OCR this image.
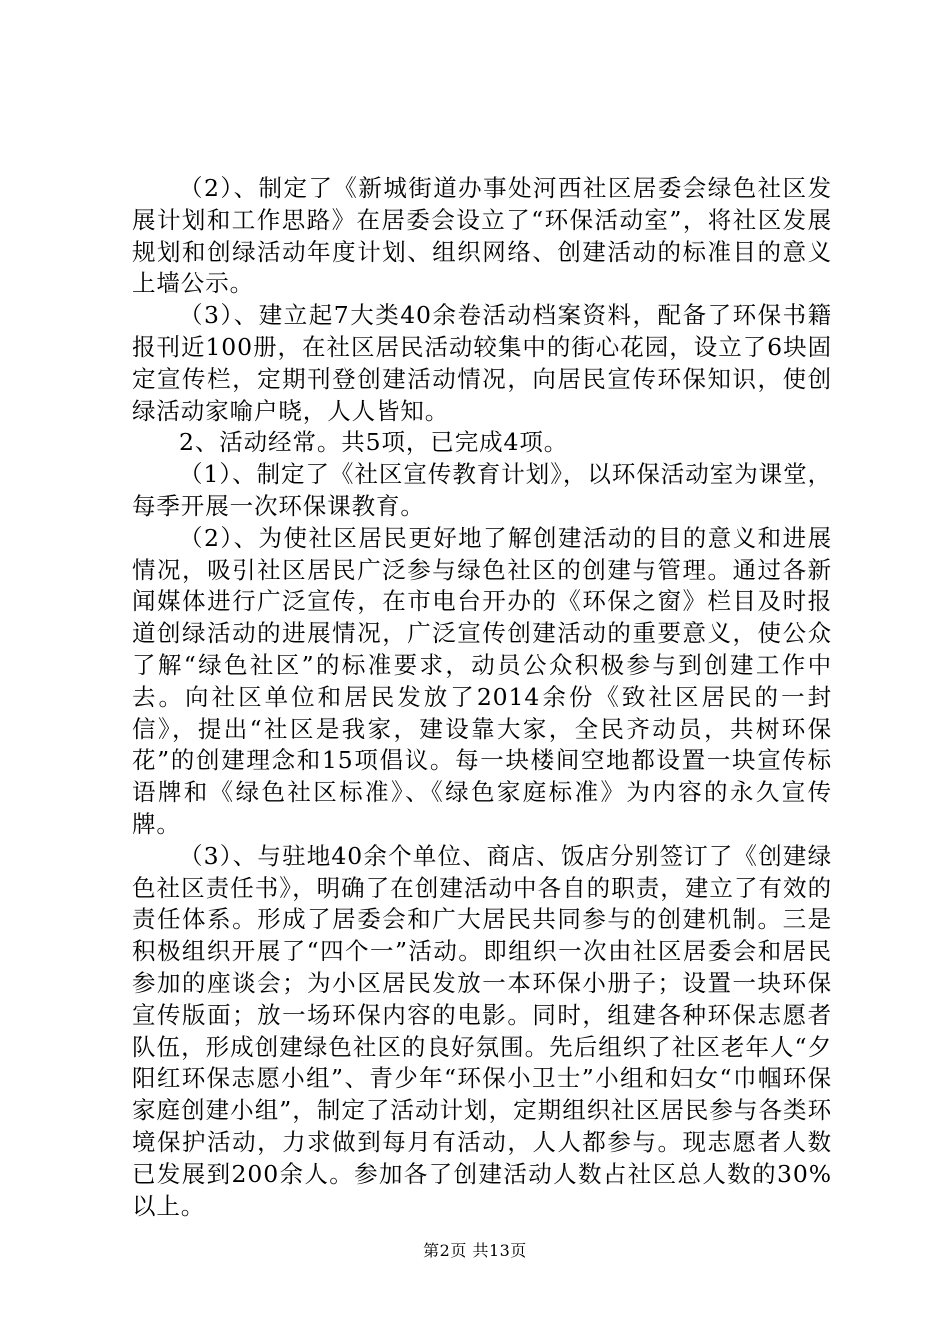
（2）、制定了《新城街道办事处河西社区居委会绿色社区发展计划和工作思路》在居委会设立了“环保活动室”，将社区发展规划和创绿活动年度计划、组织网络、创建活动的标准目的意义上墙公示。

（3）、建立起7大类40余卷活动档案资料，配备了环保书籍报刊近100册，在社区居民活动较集中的街心花园，设立了6块固定宣传栏，定期刊登创建活动情况，向居民宣传环保知识，使创绿活动家喻户晓，人人皆知。

2、活动经常。共5项，已完成4项。

（1）、制定了《社区宣传教育计划》，以环保活动室为课堂，每季开展一次环保课教育。

（2）、为使社区居民更好地了解创建活动的目的意义和进展情况，吸引社区居民广泛参与绿色社区的创建与管理。通过各新闻媒体进行广泛宣传，在市电台开办的《环保之窗》栏目及时报道创绿活动的进展情况，广泛宣传创建活动的重要意义，使公众了解“绿色社区”的标准要求，动员公众积极参与到创建工作中去。向社区单位和居民发放了2014余份《致社区居民的一封信》，提出“社区是我家，建设靠大家，全民齐动员，共树环保花”的创建理念和15项倡议。每一块楼间空地都设置一块宣传标语牌和《绿色社区标准》、《绿色家庭标准》为内容的永久宣传牌。

（3）、与驻地40余个单位、商店、饭店分别签订了《创建绿色社区责任书》，明确了在创建活动中各自的职责，建立了有效的责任体系。形成了居委会和广大居民共同参与的创建机制。三是积极组织开展了“四个一”活动。即组织一次由社区居委会和居民参加的座谈会；为小区居民发放一本环保小册子；设置一块环保宣传版面；放一场环保内容的电影。同时，组建各种环保志愿者队伍，形成创建绿色社区的良好氛围。先后组织了社区老年人“夕阳红环保志愿小组”、青少年“环保小卫士”小组和妇女“巾帼环保家庭创建小组”，制定了活动计划，定期组织社区居民参与各类环境保护活动，力求做到每月有活动，人人都参与。现志愿者人数已发展到200余人。参加各了创建活动人数占社区总人数的30%以上。

第2页 共13页
